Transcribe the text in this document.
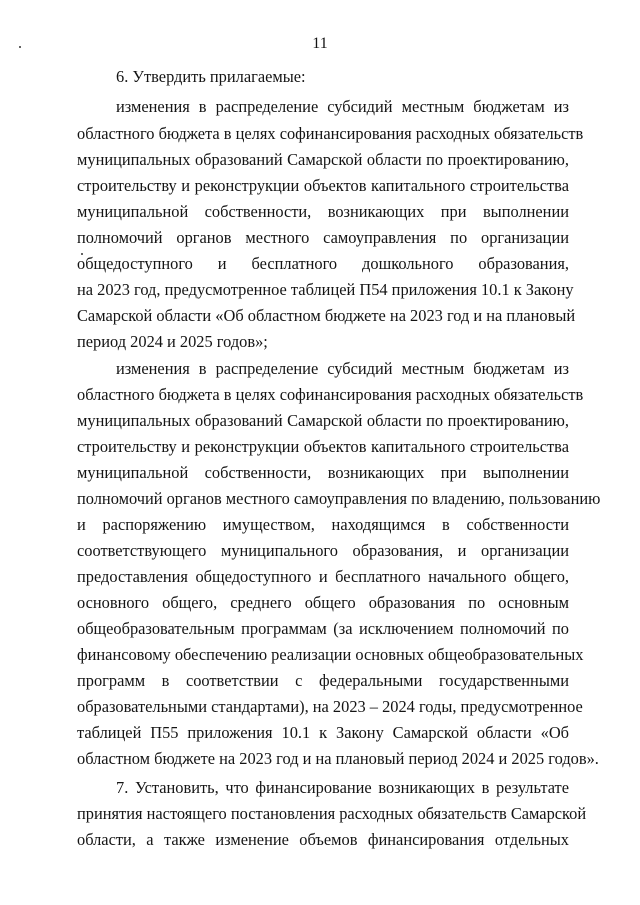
11
6. Утвердить прилагаемые:
изменения в распределение субсидий местным бюджетам из
областного бюджета в целях софинансирования расходных обязательств
муниципальных образований Самарской области по проектированию,
строительству и реконструкции объектов капитального строительства
муниципальной собственности, возникающих при выполнении
полномочий органов местного самоуправления по организации
общедоступного и бесплатного дошкольного образования,
на 2023 год, предусмотренное таблицей П54 приложения 10.1 к Закону
Самарской области «Об областном бюджете на 2023 год и на плановый
период 2024 и 2025 годов»;
изменения в распределение субсидий местным бюджетам из
областного бюджета в целях софинансирования расходных обязательств
муниципальных образований Самарской области по проектированию,
строительству и реконструкции объектов капитального строительства
муниципальной собственности, возникающих при выполнении
полномочий органов местного самоуправления по владению, пользованию
и распоряжению имуществом, находящимся в собственности
соответствующего муниципального образования, и организации
предоставления общедоступного и бесплатного начального общего,
основного общего, среднего общего образования по основным
общеобразовательным программам (за исключением полномочий по
финансовому обеспечению реализации основных общеобразовательных
программ в соответствии с федеральными государственными
образовательными стандартами), на 2023 – 2024 годы, предусмотренное
таблицей П55 приложения 10.1 к Закону Самарской области «Об
областном бюджете на 2023 год и на плановый период 2024 и 2025 годов».
7. Установить, что финансирование возникающих в результате
принятия настоящего постановления расходных обязательств Самарской
области, а также изменение объемов финансирования отдельных
